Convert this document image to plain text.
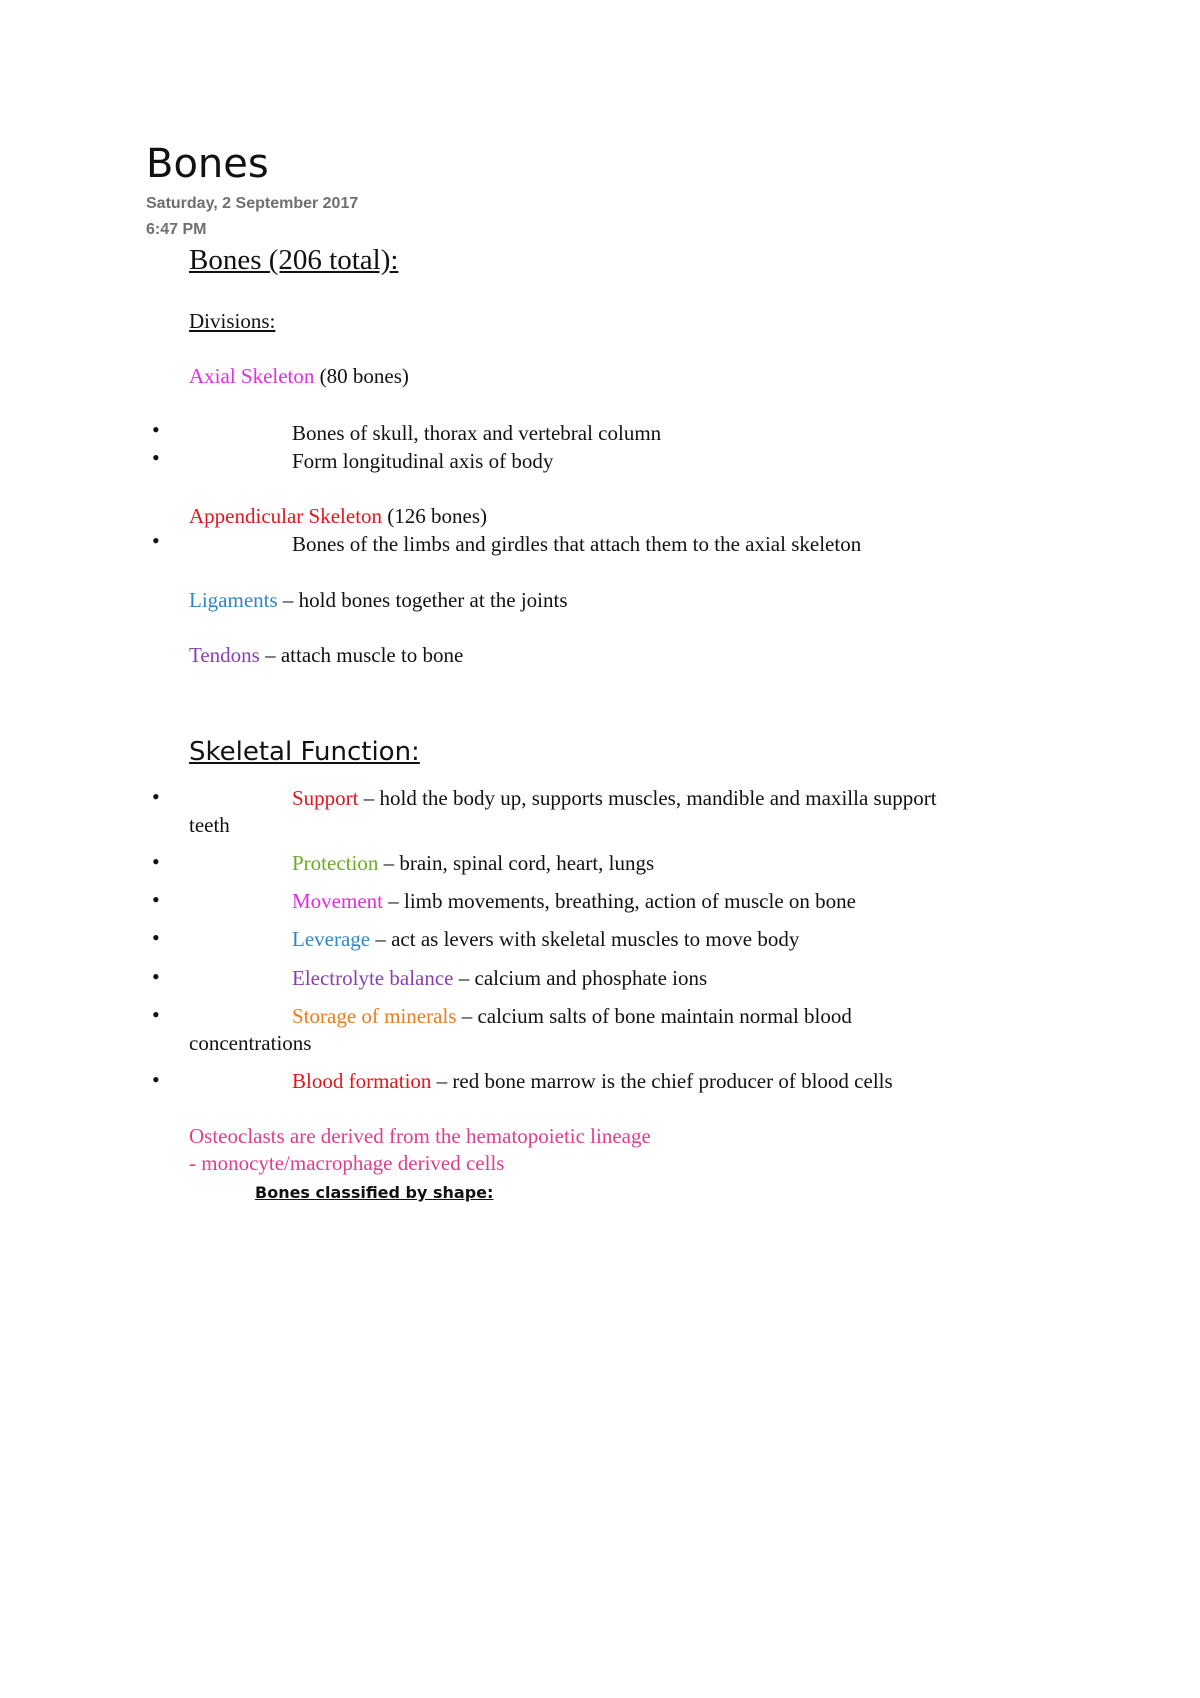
Bones
Saturday, 2 September 2017
6:47 PM
Bones (206 total):
Divisions:
Axial Skeleton (80 bones)
•	Bones of skull, thorax and vertebral column
•	Form longitudinal axis of body
Appendicular Skeleton (126 bones)
•	Bones of the limbs and girdles that attach them to the axial skeleton
Ligaments – hold bones together at the joints
Tendons – attach muscle to bone
Skeletal Function:
•	Support – hold the body up, supports muscles, mandible and maxilla support
teeth
•	Protection – brain, spinal cord, heart, lungs
•	Movement – limb movements, breathing, action of muscle on bone
•	Leverage – act as levers with skeletal muscles to move body
•	Electrolyte balance – calcium and phosphate ions
•	Storage of minerals – calcium salts of bone maintain normal blood
concentrations
•	Blood formation – red bone marrow is the chief producer of blood cells
Osteoclasts are derived from the hematopoietic lineage
- monocyte/macrophage derived cells
Bones classified by shape:
